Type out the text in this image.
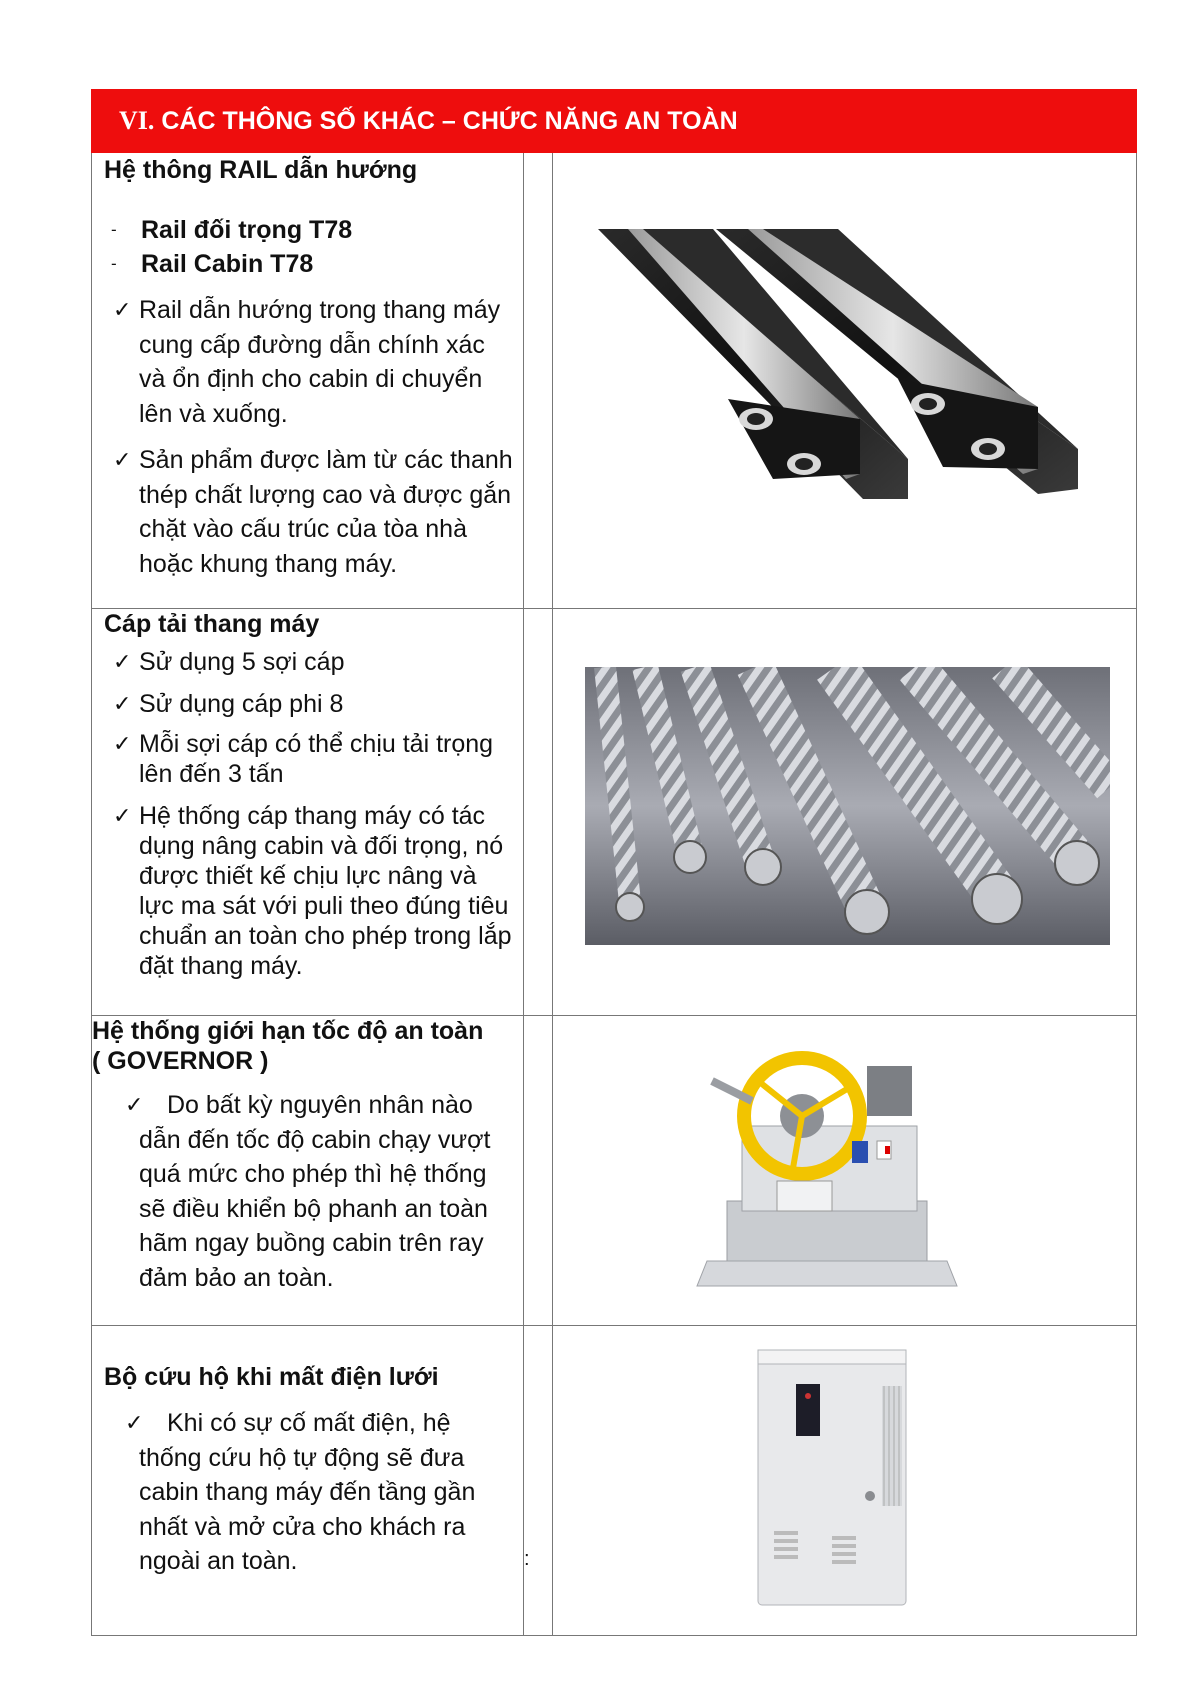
VI. CÁC THÔNG SỐ KHÁC – CHỨC NĂNG AN TOÀN
Hệ thông RAIL dẫn hướng
- Rail đối trọng T78
- Rail Cabin T78
✓ Rail dẫn hướng trong thang máy cung cấp đường dẫn chính xác và ổn định cho cabin di chuyển lên và xuống.
✓ Sản phẩm được làm từ các thanh thép chất lượng cao và được gắn chặt vào cấu trúc của tòa nhà hoặc khung thang máy.
Cáp tải thang máy
✓ Sử dụng 5 sợi cáp
✓ Sử dụng cáp phi 8
✓ Mỗi sợi cáp có thể chịu tải trọng lên đến 3 tấn
✓ Hệ thống cáp thang máy có tác dụng nâng cabin và đối trọng, nó được thiết kế chịu lực nâng và lực ma sát với puli theo đúng tiêu chuẩn an toàn cho phép trong lắp đặt thang máy.
Hệ thống giới hạn tốc độ an toàn
( GOVERNOR )
✓ Do bất kỳ nguyên nhân nào dẫn đến tốc độ cabin chạy vượt quá mức cho phép thì hệ thống sẽ điều khiển bộ phanh an toàn hãm ngay buồng cabin trên ray đảm bảo an toàn.
Bộ cứu hộ khi mất điện lưới
✓ Khi có sự cố mất điện, hệ thống cứu hộ tự động sẽ đưa cabin thang máy đến tầng gần nhất và mở cửa cho khách ra ngoài an toàn.	:
